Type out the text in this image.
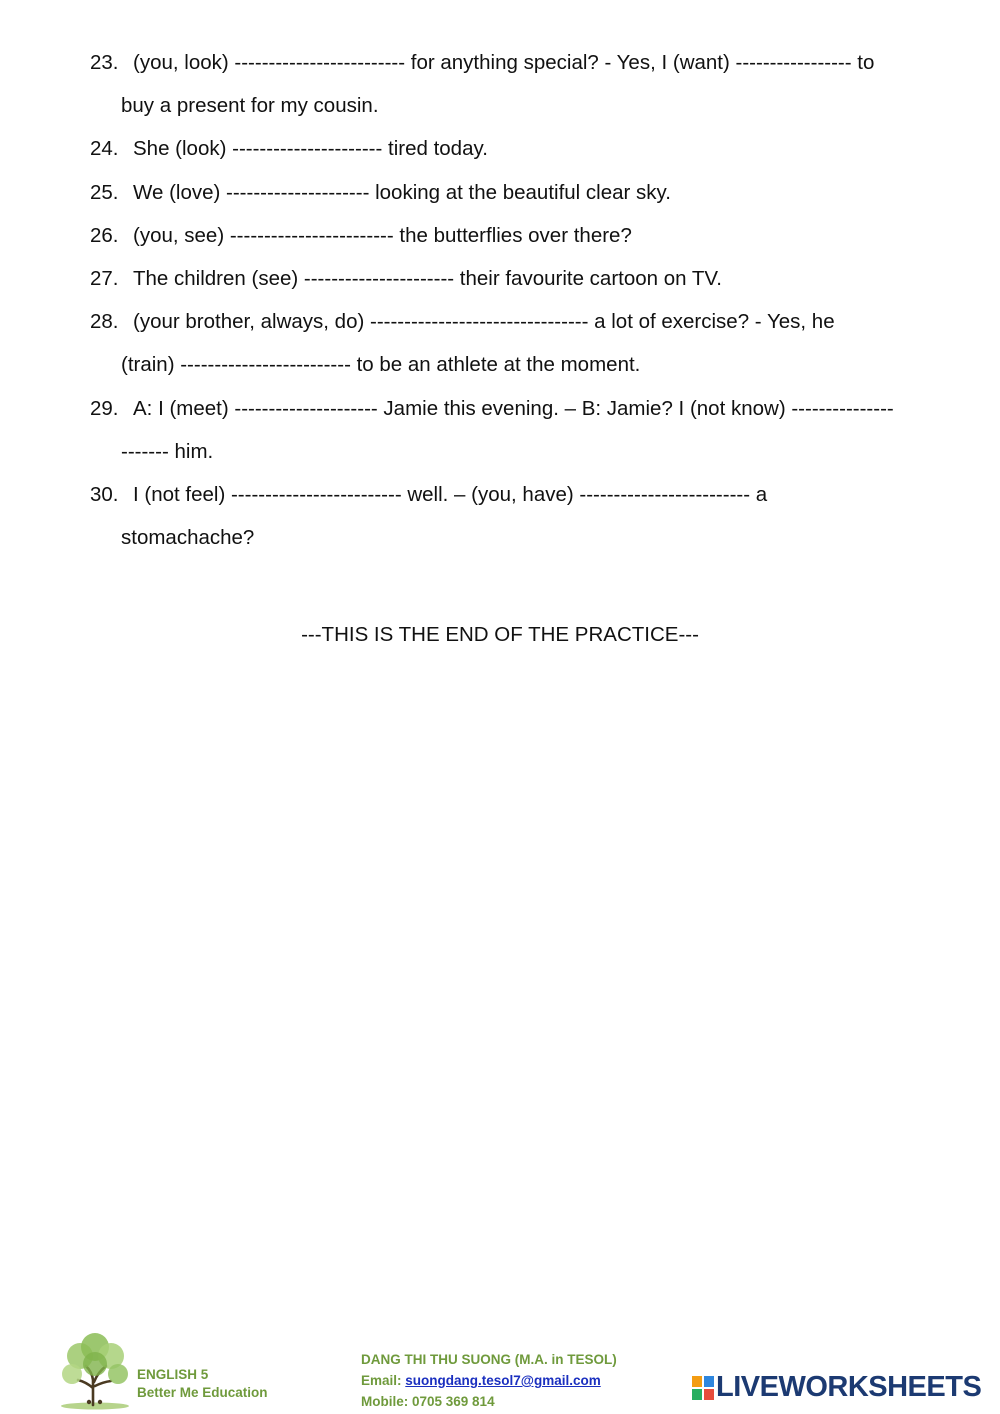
23. (you, look) ------------------------- for anything special? - Yes, I (want) ----------------- to
buy a present for my cousin.
24. She (look) ---------------------- tired today.
25. We (love) --------------------- looking at the beautiful clear sky.
26. (you, see) ------------------------ the butterflies over there?
27. The children (see) ---------------------- their favourite cartoon on TV.
28. (your brother, always, do) -------------------------------- a lot of exercise? - Yes, he
(train) ------------------------- to be an athlete at the moment.
29. A: I (meet) --------------------- Jamie this evening. – B: Jamie? I (not know) ---------------
------- him.
30. I (not feel) ------------------------- well. – (you, have) ------------------------- a
stomachache?
---THIS IS THE END OF THE PRACTICE---
ENGLISH 5
Better Me Education
DANG THI THU SUONG (M.A. in TESOL)
Email: suongdang.tesol7@gmail.com
Mobile: 0705 369 814	LIVEWORKSHEETS
